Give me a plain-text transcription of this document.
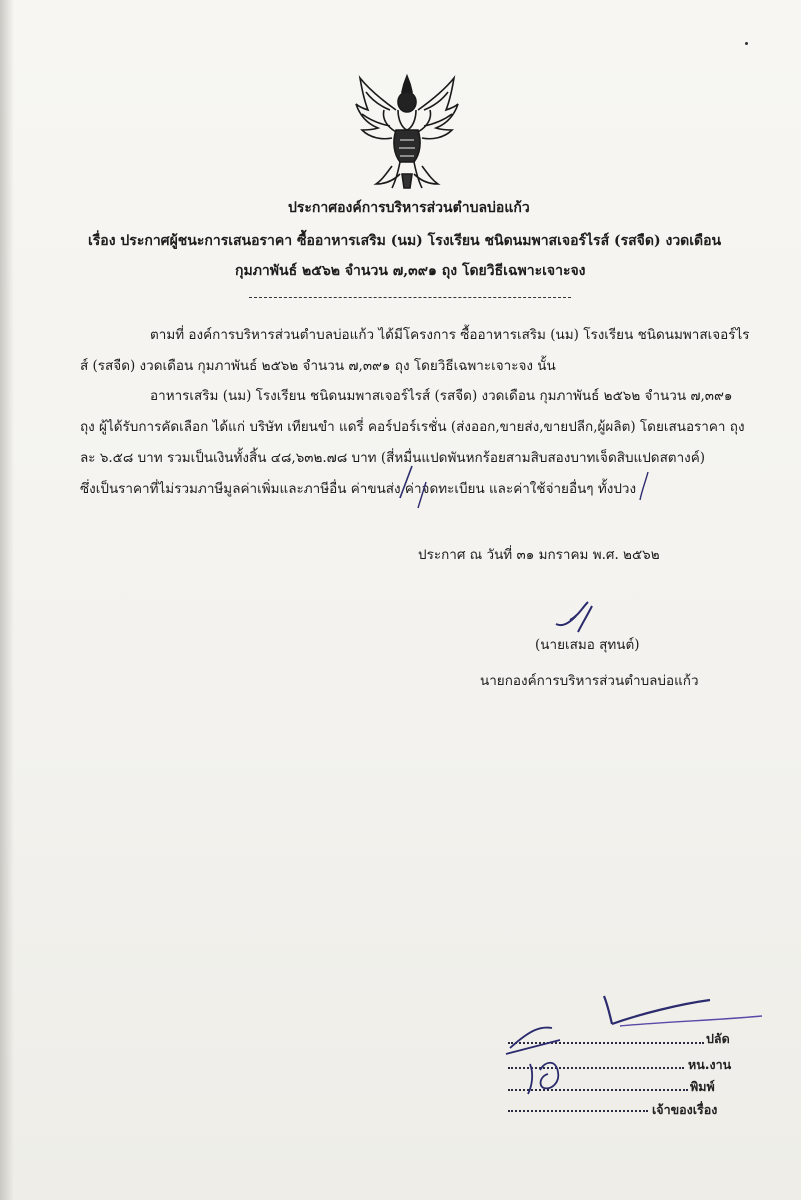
ประกาศองค์การบริหารส่วนตำบลบ่อแก้ว
เรื่อง ประกาศผู้ชนะการเสนอราคา ซื้ออาหารเสริม (นม) โรงเรียน ชนิดนมพาสเจอร์ไรส์ (รสจืด) งวดเดือน
กุมภาพันธ์ ๒๕๖๒ จำนวน ๗,๓๙๑ ถุง โดยวิธีเฉพาะเจาะจง
ตามที่ องค์การบริหารส่วนตำบลบ่อแก้ว ได้มีโครงการ ซื้ออาหารเสริม (นม) โรงเรียน ชนิดนมพาสเจอร์ไร
ส์ (รสจืด) งวดเดือน กุมภาพันธ์ ๒๕๖๒ จำนวน ๗,๓๙๑ ถุง โดยวิธีเฉพาะเจาะจง นั้น
อาหารเสริม (นม) โรงเรียน ชนิดนมพาสเจอร์ไรส์ (รสจืด) งวดเดือน กุมภาพันธ์ ๒๕๖๒ จำนวน ๗,๓๙๑
ถุง ผู้ได้รับการคัดเลือก ได้แก่ บริษัท เทียนขำ แดรี่ คอร์ปอร์เรชั่น (ส่งออก,ขายส่ง,ขายปลีก,ผู้ผลิต) โดยเสนอราคา ถุง
ละ ๖.๕๘ บาท รวมเป็นเงินทั้งสิ้น ๔๘,๖๓๒.๗๘ บาท (สี่หมื่นแปดพันหกร้อยสามสิบสองบาทเจ็ดสิบแปดสตางค์)
ซึ่งเป็นราคาที่ไม่รวมภาษีมูลค่าเพิ่มและภาษีอื่น ค่าขนส่ง ค่าจดทะเบียน และค่าใช้จ่ายอื่นๆ ทั้งปวง
ประกาศ ณ วันที่ ๓๑ มกราคม พ.ศ. ๒๕๖๒
(นายเสมอ สุทนต์)
นายกองค์การบริหารส่วนตำบลบ่อแก้ว
ปลัด
หน.งาน
พิมพ์
เจ้าของเรื่อง
